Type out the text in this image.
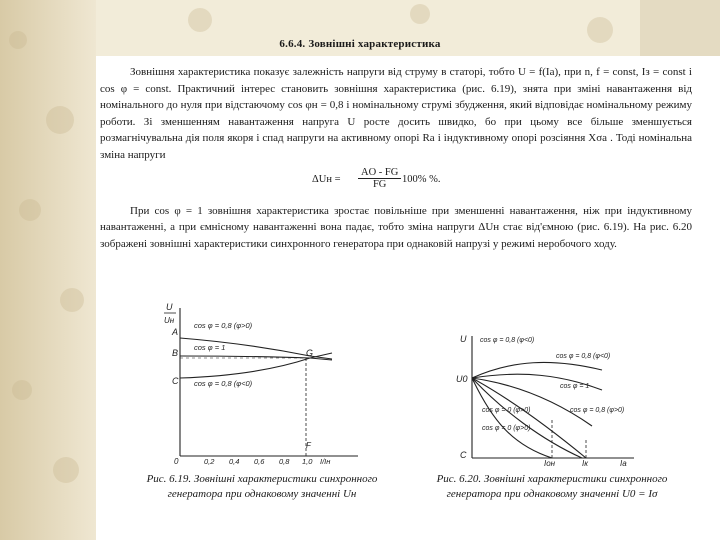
6.6.4. Зовнішні характеристика

Зовнішня характеристика показує залежність напруги від струму в статорі, тобто U = f(Iа), при n, f = const, Iз = const і cos φ = const. Практичний інтерес становить зовнішня характеристика (рис. 6.19), знята при зміні навантаження від номінального до нуля при відстаючому cos φн = 0,8 і номінальному струмі збудження, який відповідає номінальному режиму роботи. Зі зменшенням навантаження напруга U росте досить швидко, бо при цьому все більше зменшується розмагнічувальна дія поля якоря і спад напруги на активному опорі Rа і індуктивному опорі розсіяння Xσа . Тоді номінальна зміна напруги

$\Delta Uн = \frac{AO - FG}{FG} 100\%$ %.

При cos φ = 1 зовнішня характеристика зростає повільніше при зменшенні навантаження, ніж при індуктивному навантаженні, а при ємнісному навантаженні вона падає, тобто зміна напруги ΔUн стає від'ємною (рис. 6.19). На рис. 6.20 зображені зовнішні характеристики синхронного генератора при однаковій напрузі у режимі неробочого ходу.

U
Uн
A
B
C
G
F
cos φ = 0,8 (φ>0)
cos φ = 1
cos φ = 0,8 (φ<0)
0	0,2 0,4 0,6 0,8 1,0 I/Iн
Рис. 6.19. Зовнішні характеристики синхронного генератора при однаковому значенні Uн
U
U0
C
cos φ = 0,8 (φ<0)
cos φ = 0,8 (φ<0)
cos φ = 1
cos φ = 0,8 (φ>0)
cos φ = 0 (φ>0)
cos φ = 0 (φ>0)
Iон	Iк	Iа
Рис. 6.20. Зовнішні характеристики синхронного генератора при однаковому значенні U0 = Iσ
